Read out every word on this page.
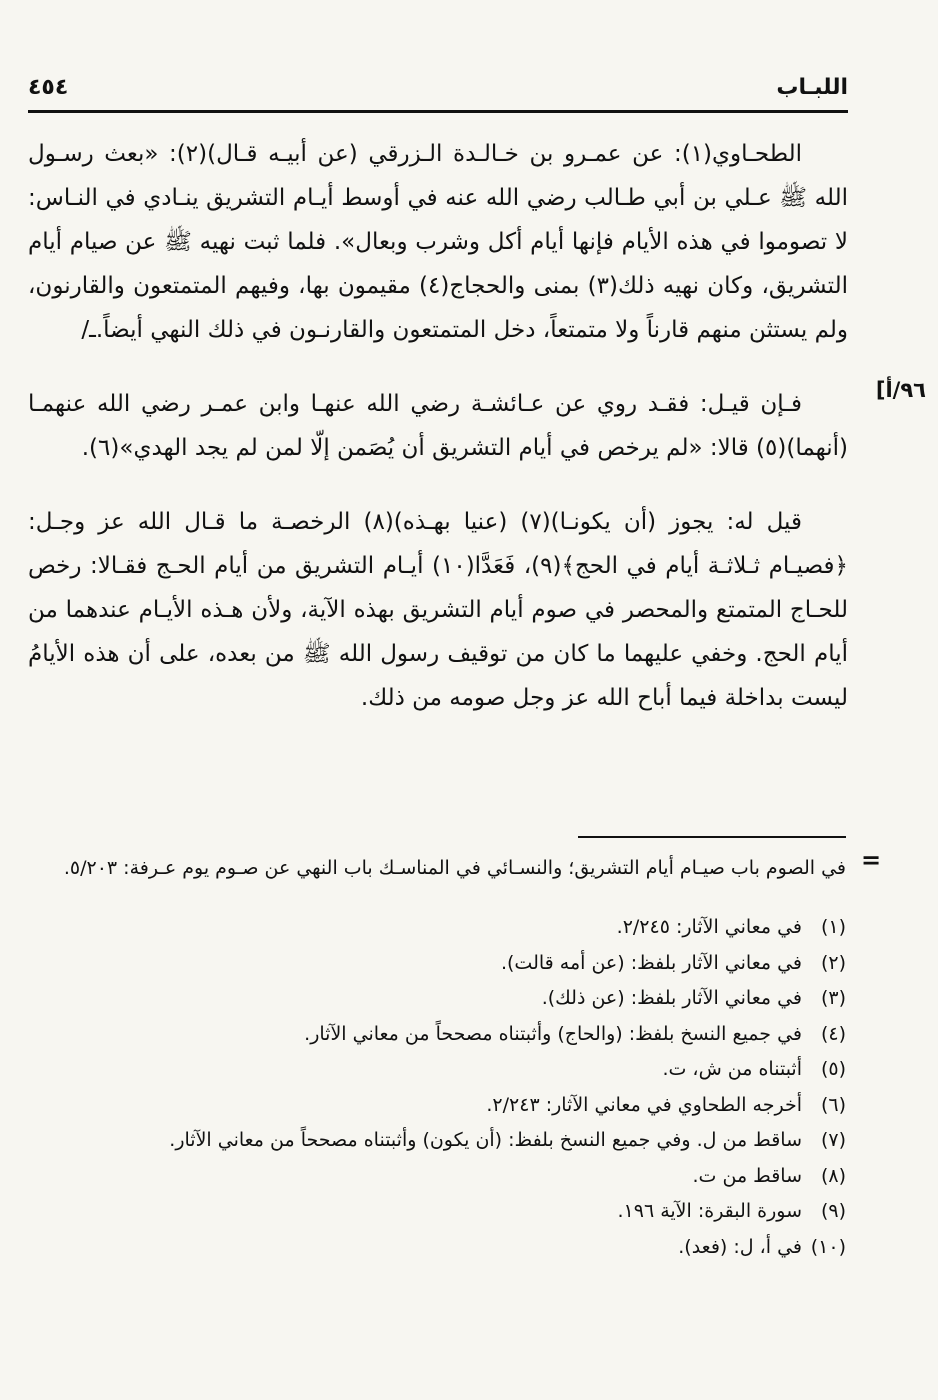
اللبـاب
٤٥٤
٩٦/أ]

الطحـاوي(١): عن عمـرو بن خـالـدة الـزرقي (عن أبيـه قـال)(٢): «بعث رسـول الله ﷺ عـلي بن أبي طـالب رضي الله عنه في أوسط أيـام التشريق ينـادي في النـاس: لا تصوموا في هذه الأيام فإنها أيام أكل وشرب وبعال». فلما ثبت نهيه ﷺ عن صيام أيام التشريق، وكان نهيه ذلك(٣) بمنى والحجاج(٤) مقيمون بها، وفيهم المتمتعون والقارنون، ولم يستثن منهم قارناً ولا متمتعاً، دخل المتمتعون والقارنـون في ذلك النهي أيضاً.ـ/

فـإن قيـل: فقـد روي عن عـائشـة رضي الله عنهـا وابن عمـر رضي الله عنهمـا (أنهما)(٥) قالا: «لم يرخص في أيام التشريق أن يُصَمن إلّا لمن لم يجد الهدي»(٦).

قيل له: يجوز (أن يكونـا)(٧) (عنيا بهـذه)(٨) الرخصـة ما قـال الله عز وجـل: ﴿فصيـام ثـلاثـة أيام في الحج﴾(٩)، فَعَدَّا(١٠) أيـام التشريق من أيام الحـج فقـالا: رخص للحـاج المتمتع والمحصر في صوم أيام التشريق بهذه الآية، ولأن هـذه الأيـام عندهما من أيام الحج. وخفي عليهما ما كان من توقيف رسول الله ﷺ من بعده، على أن هذه الأيامُ ليست بداخلة فيما أباح الله عز وجل صومه من ذلك.

=

في الصوم باب صيـام أيام التشريق؛ والنسـائي في المناسـك باب النهي عن صـوم يوم عـرفة: ٥/٢٠٣.

(١)في معاني الآثار: ٢/٢٤٥.
(٢)في معاني الآثار بلفظ: (عن أمه قالت).
(٣)في معاني الآثار بلفظ: (عن ذلك).
(٤)في جميع النسخ بلفظ: (والحاج) وأثبتناه مصححاً من معاني الآثار.
(٥)أثبتناه من ش، ت.
(٦)أخرجه الطحاوي في معاني الآثار: ٢/٢٤٣.
(٧)ساقط من ل. وفي جميع النسخ بلفظ: (أن يكون) وأثبتناه مصححاً من معاني الآثار.
(٨)ساقط من ت.
(٩)سورة البقرة: الآية ١٩٦.
(١٠)في أ، ل: (فعد).
